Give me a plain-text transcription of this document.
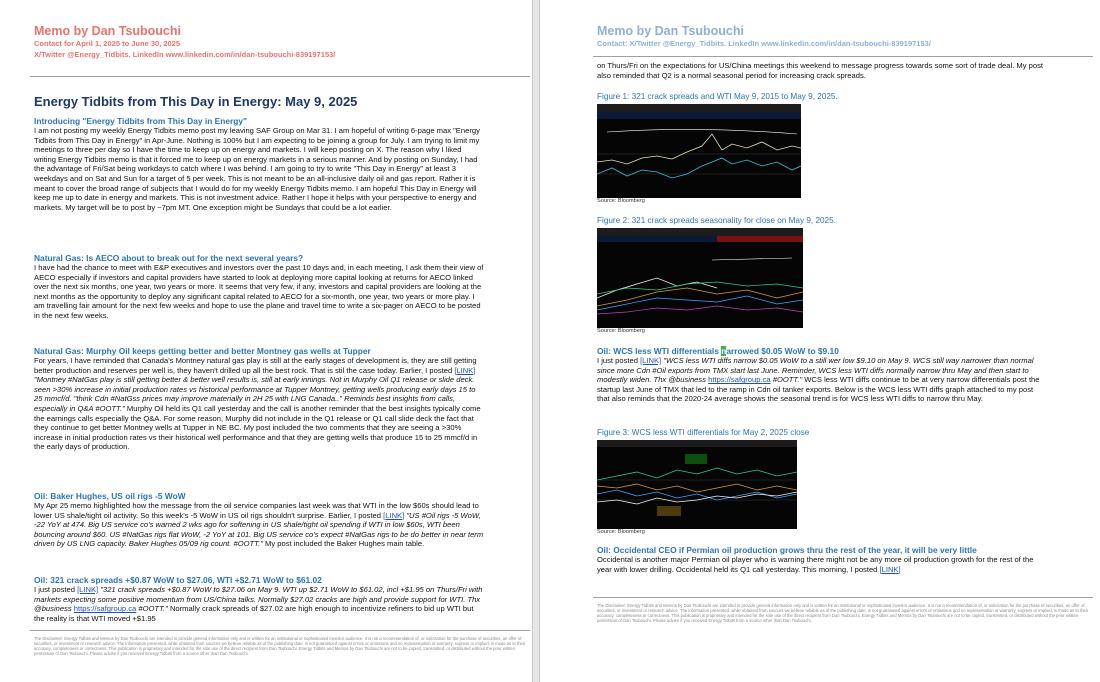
Memo by Dan Tsubouchi
Contact for April 1, 2025 to June 30, 2025
X/Twitter @Energy_Tidbits. LinkedIn www.linkedin.com/in/dan-tsubouchi-839197153/
Energy Tidbits from This Day in Energy: May 9, 2025
Introducing "Energy Tidbits from This Day in Energy"
I am not posting my weekly Energy Tidbits memo post my leaving SAF Group on Mar 31. I am hopeful of writing 6-page max "Energy Tidbits from This Day in Energy" in Apr-June. Nothing is 100% but I am expecting to be joining a group for July. I am trying to limit my meetings to three per day so I have the time to keep up on energy and markets. I will keep posting on X. The reason why I liked writing Energy Tidbits memo is that it forced me to keep up on energy markets in a serious manner. And by posting on Sunday, I had the advantage of Fri/Sat being workdays to catch where I was behind. I am going to try to write "This Day in Energy" at least 3 weekdays and on Sat and Sun for a target of 5 per week. This is not meant to be an all-inclusive daily oil and gas report. Rather it is meant to cover the broad range of subjects that I would do for my weekly Energy Tidbits memo. I am hopeful This Day in Energy will keep me up to date in energy and markets. This is not investment advice. Rather I hope it helps with your perspective to energy and markets. My target will be to post by ~7pm MT. One exception might be Sundays that could be a lot earlier.
Natural Gas: Is AECO about to break out for the next several years?
I have had the chance to meet with E&P executives and investors over the past 10 days and, in each meeting, I ask them their view of AECO especially if investors and capital providers have started to look at deploying more capital looking at returns for AECO linked over the next six months, one year, two years or more. It seems that very few, if any, investors and capital providers are looking at the next months as the opportunity to deploy any significant capital related to AECO for a six-month, one year, two years or more play. I am travelling fair amount for the next few weeks and hope to use the plane and travel time to write a six-pager on AECO to be posted in the next few weeks.
Natural Gas: Murphy Oil keeps getting better and better Montney gas wells at Tupper
For years, I have reminded that Canada's Montney natural gas play is still at the early stages of development is, they are still getting better production and reserves per well is, they haven't drilled up all the best rock. That is stil the case today. Earlier, I posted [LINK] "Montney #NatGas play is still getting better & better well results is, still at early innings. Not in Murphy Oil Q1 release or slide deck. seen >30% increase in initial production rates vs historical performance at Tupper Montney, getting wells producing early days 15 to 25 mmcf/d. "think Cdn #NatGss prices may improve materially in 2H 25 with LNG Canada.." Reminds best insights from calls, especially in Q&A #OOTT." Murphy Oil held its Q1 call yesterday and the call is another reminder that the best insights typically come the earnings calls especially the Q&A. For some reason, Murphy did not include in the Q1 release or Q1 call slide deck the fact that they continue to get better Montney wells at Tupper in NE BC. My post included the two comments that they are seeing a >30% increase in initial production rates vs their historical well performance and that they are getting wells that produce 15 to 25 mmcf/d in the early days of production.
Oil: Baker Hughes, US oil rigs -5 WoW
My Apr 25 memo highlighted how the message from the oil service companies last week was that WTI in the low $60s should lead to lower US shale/tight oil activity. So this week's -5 WoW in US oil rigs shouldn't surprise. Earlier, I posted [LINK] "US #Oil rigs -5 WoW, -22 YoY at 474. Big US service co's warned 2 wks ago for softening in US shale/tight oil spending if WTI in low $60s, WTI been bouncing around $60. US #NatGas rigs flat WoW, -2 YoY at 101. Big US service co's expect #NatGas rigs to be do better in near term driven by US LNG capacity. Baker Hughes 05/09 rig count. #OOTT." My post included the Baker Hughes main table.
Oil: 321 crack spreads +$0.87 WoW to $27.06, WTI +$2.71 WoW to $61.02
I just posted [LINK] "321 crack spreads +$0.87 WoW to $27.06 on May 9. WTI up $2.71 WoW to $61.02, incl +$1.95 on Thurs/Fri with markets expecting some positive momentum from US/China talks. Normally $27.02 cracks are high and provide support for WTI. Thx @business https://safgroup.ca #OOTT." Normally crack spreads of $27.02 are high enough to incentivize refiners to bid up WTI but the reality is that WTI moved +$1.95
The Disclaimer: Energy Tidbits and Memos by Dan Tsubouchi are intended to provide general information only and is written for an institutional or sophisticated investor audience. It is not a recommendation of, or solicitation for the purchase of securities, an offer of securities, or investment or research advice. The information presented, while obtained from sources we believe reliable as of the publishing date, is not guaranteed against errors or omissions and no representation or warranty, express or implied, is made as to their accuracy, completeness or correctness. This publication is proprietary and intended for the sole use of the direct recipient from Dan Tsubouchi. Energy Tidbits and Memos by Dan Tsubouchi are not to be copied, transmitted, or distributed without the prior written permission of Dan Tsubouchi. Please advise if you received Energy Tidbits from a source other than Dan Tsubouchi.
Memo by Dan Tsubouchi
Contact: X/Twitter @Energy_Tidbits. LinkedIn www.linkedin.com/in/dan-tsubouchi-839197153/
on Thurs/Fri on the expectations for US/China meetings this weekend to message progress towards some sort of trade deal. My post also reminded that Q2 is a normal seasonal period for increasing crack spreads.
Figure 1: 321 crack spreads and WTI May 9, 2015 to May 9, 2025.
Source: Bloomberg
Figure 2: 321 crack spreads seasonality for close on May 9, 2025.
Source: Bloomberg
Oil: WCS less WTI differentials narrowed $0.05 WoW to $9.10
I just posted [LINK] "WCS less WTI diffs narrow $0.05 WoW to a still wer low $9.10 on May 9. WCS still way narrower than normal since more Cdn #Oil exports from TMX start last June. Reminder, WCS less WTI diffs normally narrow thru May and then start to modestly widen. Thx @business https://safgroup.ca #OOTT." WCS less WTI diffs continue to be at very narrow differentials post the startup last June of TMX that led to the ramp in Cdn oil tanker exports. Below is the WCS less WTI diffs graph attached to my post that also reminds that the 2020-24 average shows the seasonal trend is for WCS less WTI diffs to narrow thru May.
Figure 3: WCS less WTI differentials for May 2, 2025 close
Source: Bloomberg
Oil: Occidental CEO if Permian oil production grows thru the rest of the year, it will be very little
Occidental is another major Permian oil player who is warning there might not be any more oil production growth for the rest of the year with lower drilling. Occidental held its Q1 call yesterday. This morning, I posted [LINK]
The Disclaimer: Energy Tidbits and Memos by Dan Tsubouchi are intended to provide general information only and is written for an institutional or sophisticated investor audience. It is not a recommendation of, or solicitation for the purchase of securities, an offer of securities, or investment or research advice. The information presented, while obtained from sources we believe reliable as of the publishing date, is not guaranteed against errors or omissions and no representation or warranty, express or implied, is made as to their accuracy, completeness or correctness. This publication is proprietary and intended for the sole use of the direct recipient from Dan Tsubouchi. Energy Tidbits and Memos by Dan Tsubouchi are not to be copied, transmitted, or distributed without the prior written permission of Dan Tsubouchi. Please advise if you received Energy Tidbits from a source other than Dan Tsubouchi.
